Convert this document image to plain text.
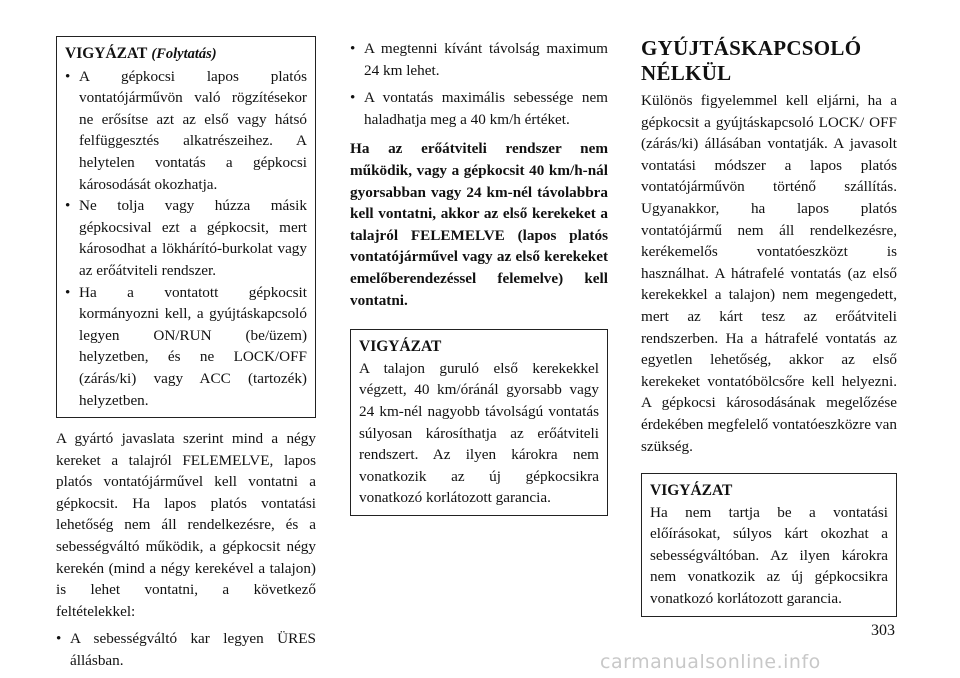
VIGYÁZAT (Folytatás)
• A gépkocsi lapos platós vontatójárművön való rögzítésekor ne erősítse azt az első vagy hátsó felfüggesztés alkatrészeihez. A helytelen vontatás a gépkocsi károsodását okozhatja.
• Ne tolja vagy húzza másik gépkocsival ezt a gépkocsit, mert károsodhat a lökhárító-burkolat vagy az erőátviteli rendszer.
• Ha a vontatott gépkocsit kormányozni kell, a gyújtáskapcsoló legyen ON/RUN (be/üzem) helyzetben, és ne LOCK/OFF (zárás/ki) vagy ACC (tartozék) helyzetben.

A gyártó javaslata szerint mind a négy kereket a talajról FELEMELVE, lapos platós vontatójárművel kell vontatni a gépkocsit. Ha lapos platós vontatási lehetőség nem áll rendelkezésre, és a sebességváltó működik, a gépkocsit négy kerekén (mind a négy kerekével a talajon) is lehet vontatni, a következő feltételekkel:

• A sebességváltó kar legyen ÜRES állásban.
• A megtenni kívánt távolság maximum 24 km lehet.
• A vontatás maximális sebessége nem haladhatja meg a 40 km/h értéket.

Ha az erőátviteli rendszer nem működik, vagy a gépkocsit 40 km/h-nál gyorsabban vagy 24 km-nél távolabbra kell vontatni, akkor az első kerekeket a talajról FELEMELVE (lapos platós vontatójárművel vagy az első kerekeket emelőberendezéssel felemelve) kell vontatni.

VIGYÁZAT

A talajon guruló első kerekekkel végzett, 40 km/óránál gyorsabb vagy 24 km-nél nagyobb távolságú vontatás súlyosan károsíthatja az erőátviteli rendszert. Az ilyen károkra nem vonatkozik az új gépkocsikra vonatkozó korlátozott garancia.

GYÚJTÁSKAPCSOLÓ
NÉLKÜL

Különös figyelemmel kell eljárni, ha a gépkocsit a gyújtáskapcsoló LOCK/ OFF (zárás/ki) állásában vontatják. A javasolt vontatási módszer a lapos platós vontatójárművön történő szállítás. Ugyanakkor, ha lapos platós vontatójármű nem áll rendelkezésre, kerékemelős vontatóeszközt is használhat. A hátrafelé vontatás (az első kerekekkel a talajon) nem megengedett, mert az kárt tesz az erőátviteli rendszerben. Ha a hátrafelé vontatás az egyetlen lehetőség, akkor az első kerekeket vontatóbölcsőre kell helyezni. A gépkocsi károsodásának megelőzése érdekében megfelelő vontatóeszközre van szükség.

VIGYÁZAT

Ha nem tartja be a vontatási előírásokat, súlyos kárt okozhat a sebességváltóban. Az ilyen károkra nem vonatkozik az új gépkocsikra vonatkozó korlátozott garancia.

303
carmanualsonline.info
